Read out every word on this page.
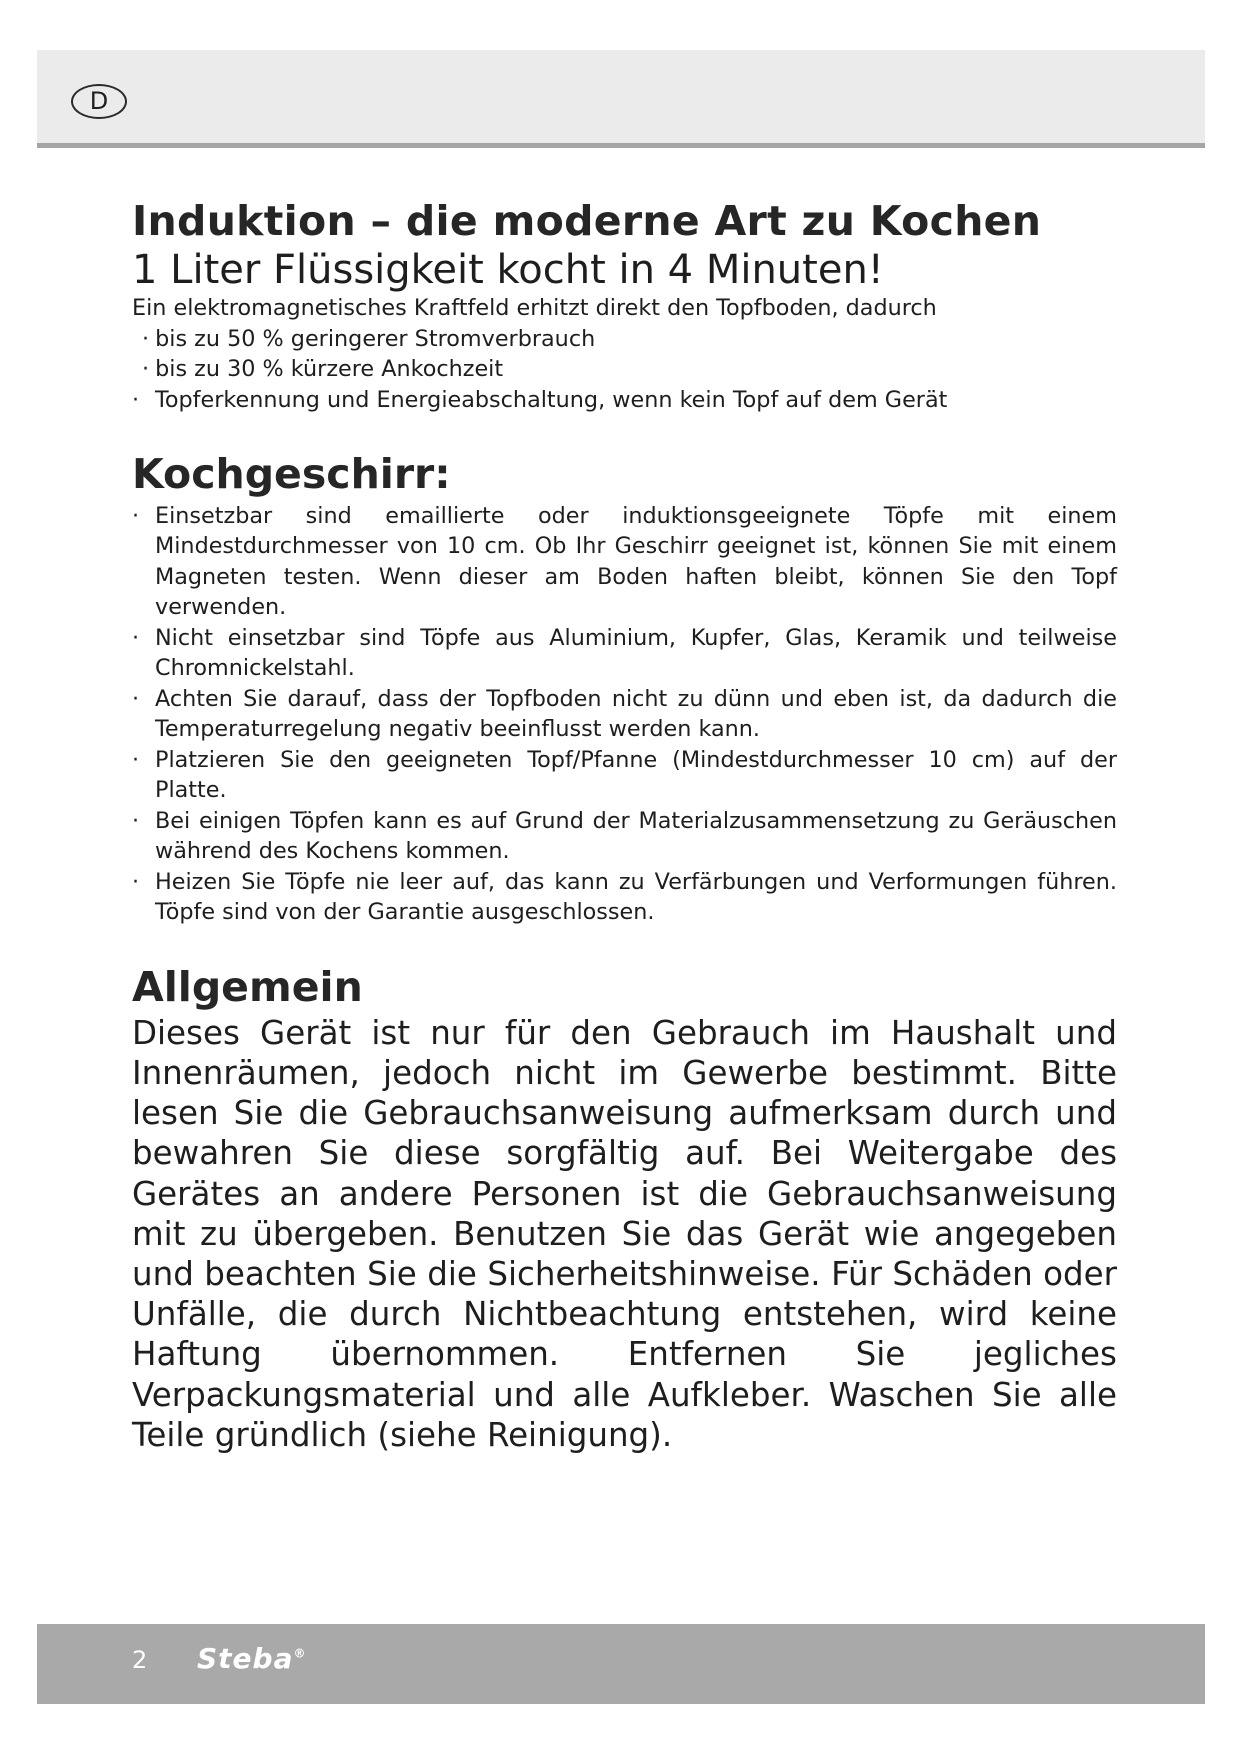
D
Induktion – die moderne Art zu Kochen
1 Liter Flüssigkeit kocht in 4 Minuten!

Ein elektromagnetisches Kraftfeld erhitzt direkt den Topfboden, dadurch

· bis zu 50 % geringerer Stromverbrauch
· bis zu 30 % kürzere Ankochzeit
· Topferkennung und Energieabschaltung, wenn kein Topf auf dem Gerät
Kochgeschirr:
· Einsetzbar sind emaillierte oder induktionsgeeignete Töpfe mit einem Mindestdurchmesser von 10 cm. Ob Ihr Geschirr geeignet ist, können Sie mit einem Magneten testen. Wenn dieser am Boden haften bleibt, können Sie den Topf verwenden.
· Nicht einsetzbar sind Töpfe aus Aluminium, Kupfer, Glas, Keramik und teilweise Chromnickelstahl.
· Achten Sie darauf, dass der Topfboden nicht zu dünn und eben ist, da dadurch die Temperaturregelung negativ beeinflusst werden kann.
· Platzieren Sie den geeigneten Topf/Pfanne (Mindestdurchmesser 10 cm) auf der Platte.
· Bei einigen Töpfen kann es auf Grund der Materialzusammensetzung zu Geräuschen während des Kochens kommen.
· Heizen Sie Töpfe nie leer auf, das kann zu Verfärbungen und Verformungen führen. Töpfe sind von der Garantie ausgeschlossen.
Allgemein

Dieses Gerät ist nur für den Gebrauch im Haushalt und Innenräumen, jedoch nicht im Gewerbe bestimmt. Bitte lesen Sie die Gebrauchsanweisung aufmerksam durch und bewahren Sie diese sorgfältig auf. Bei Weitergabe des Gerätes an andere Personen ist die Gebrauchsanweisung mit zu übergeben. Benutzen Sie das Gerät wie angegeben und beachten Sie die Sicherheitshinweise. Für Schäden oder Unfälle, die durch Nichtbeachtung entstehen, wird keine Haftung übernommen. Entfernen Sie jegliches Verpackungsmaterial und alle Aufkleber. Waschen Sie alle Teile gründlich (siehe Reinigung).

2 Steba®
